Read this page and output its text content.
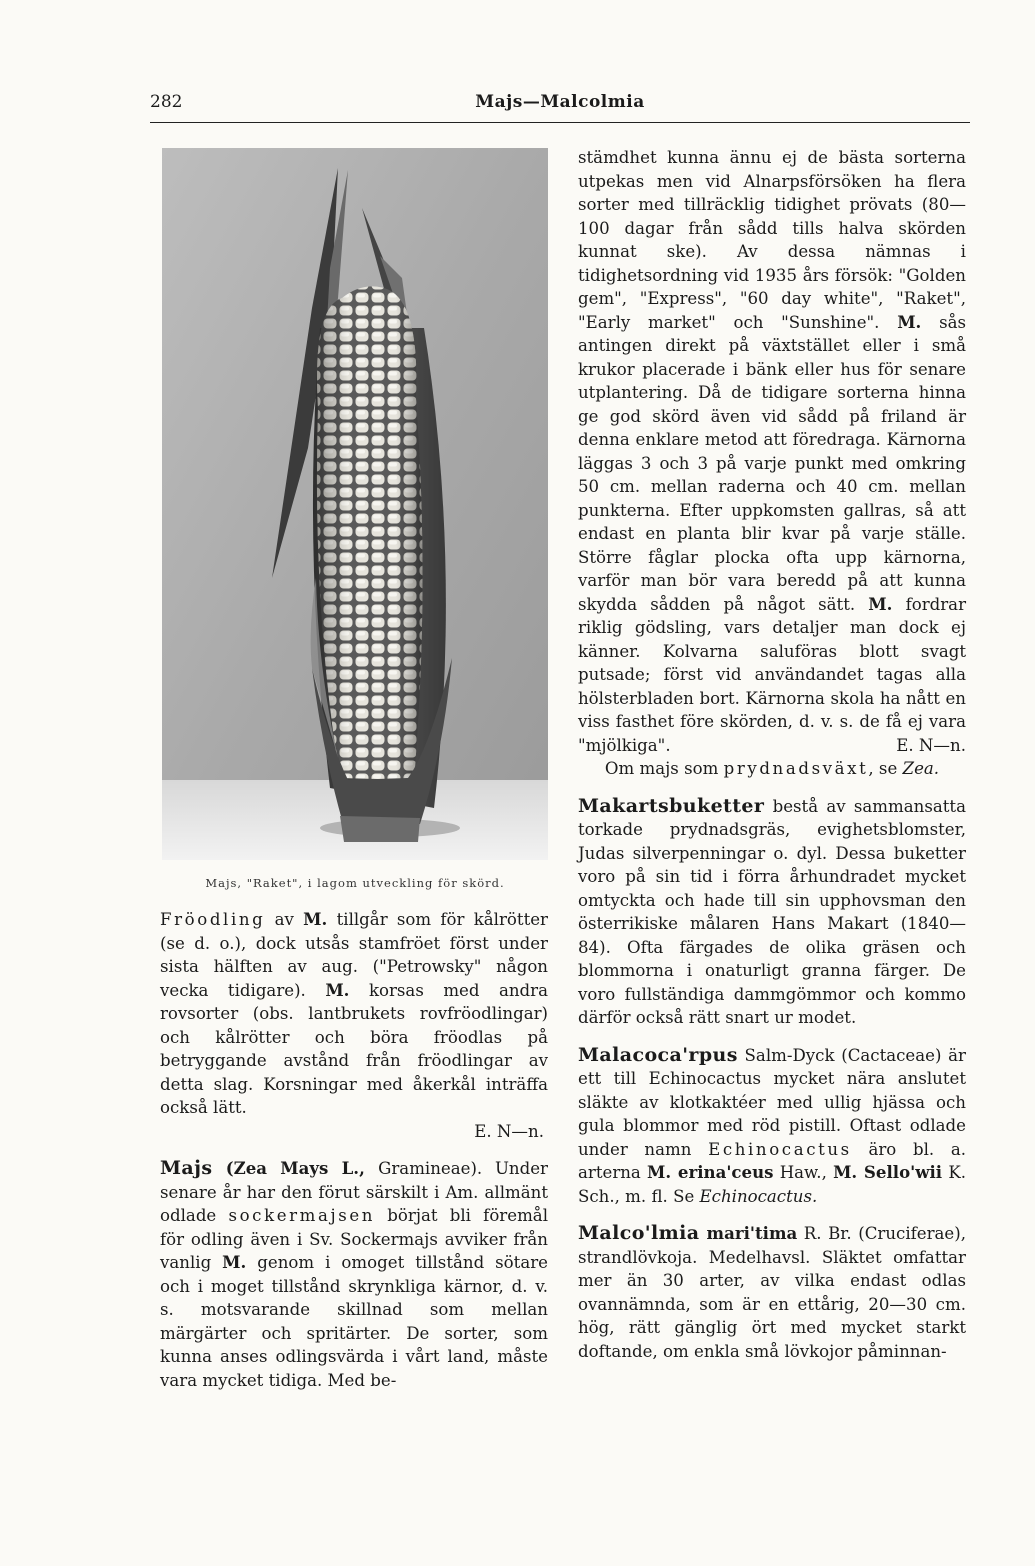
282	Majs—Malcolmia
Majs, "Raket", i lagom utveckling för skörd.

Fröodling av M. tillgår som för kålrötter (se d. o.), dock utsås stamfröet först under sista hälften av aug. ("Petrowsky" någon vecka tidigare). M. korsas med andra rovsorter (obs. lantbrukets rovfröodlingar) och kålrötter och böra fröodlas på betryggande avstånd från fröodlingar av detta slag. Korsningar med åkerkål inträffa också lätt.

E. N—n.

Majs (Zea Mays L., Gramineae). Under senare år har den förut särskilt i Am. allmänt odlade sockermajsen börjat bli föremål för odling även i Sv. Sockermajs avviker från vanlig M. genom i omoget tillstånd sötare och i moget tillstånd skrynkliga kärnor, d. v. s. motsvarande skillnad som mellan märgärter och spritärter. De sorter, som kunna anses odlingsvärda i vårt land, måste vara mycket tidiga. Med be-

stämdhet kunna ännu ej de bästa sorterna utpekas men vid Alnarpsförsöken ha flera sorter med tillräcklig tidighet prövats (80—100 dagar från sådd tills halva skörden kunnat ske). Av dessa nämnas i tidighetsordning vid 1935 års försök: "Golden gem", "Express", "60 day white", "Raket", "Early market" och "Sunshine". M. sås antingen direkt på växtstället eller i små krukor placerade i bänk eller hus för senare utplantering. Då de tidigare sorterna hinna ge god skörd även vid sådd på friland är denna enklare metod att föredraga. Kärnorna läggas 3 och 3 på varje punkt med omkring 50 cm. mellan raderna och 40 cm. mellan punkterna. Efter uppkomsten gallras, så att endast en planta blir kvar på varje ställe. Större fåglar plocka ofta upp kärnorna, varför man bör vara beredd på att kunna skydda sådden på något sätt. M. fordrar riklig gödsling, vars detaljer man dock ej känner. Kolvarna saluföras blott svagt putsade; först vid användandet tagas alla hölsterbladen bort. Kärnorna skola ha nått en viss fasthet före skörden, d. v. s. de få ej vara "mjölkiga".	E. N—n.

Om majs som prydnadsväxt, se Zea.

Makartsbuketter bestå av sammansatta torkade prydnadsgräs, evighetsblomster, Judas silverpenningar o. dyl. Dessa buketter voro på sin tid i förra århundradet mycket omtyckta och hade till sin upphovsman den österrikiske målaren Hans Makart (1840—84). Ofta färgades de olika gräsen och blommorna i onaturligt granna färger. De voro fullständiga dammgömmor och kommo därför också rätt snart ur modet.

Malacoca'rpus Salm-Dyck (Cactaceae) är ett till Echinocactus mycket nära anslutet släkte av klotkaktéer med ullig hjässa och gula blommor med röd pistill. Oftast odlade under namn Echinocactus äro bl. a. arterna M. erina'ceus Haw., M. Sello'wii K. Sch., m. fl. Se Echinocactus.

Malco'lmia mari'tima R. Br. (Cruciferae), strandlövkoja. Medelhavsl. Släktet omfattar mer än 30 arter, av vilka endast odlas ovannämnda, som är en ettårig, 20—30 cm. hög, rätt gänglig ört med mycket starkt doftande, om enkla små lövkojor påminnan-
